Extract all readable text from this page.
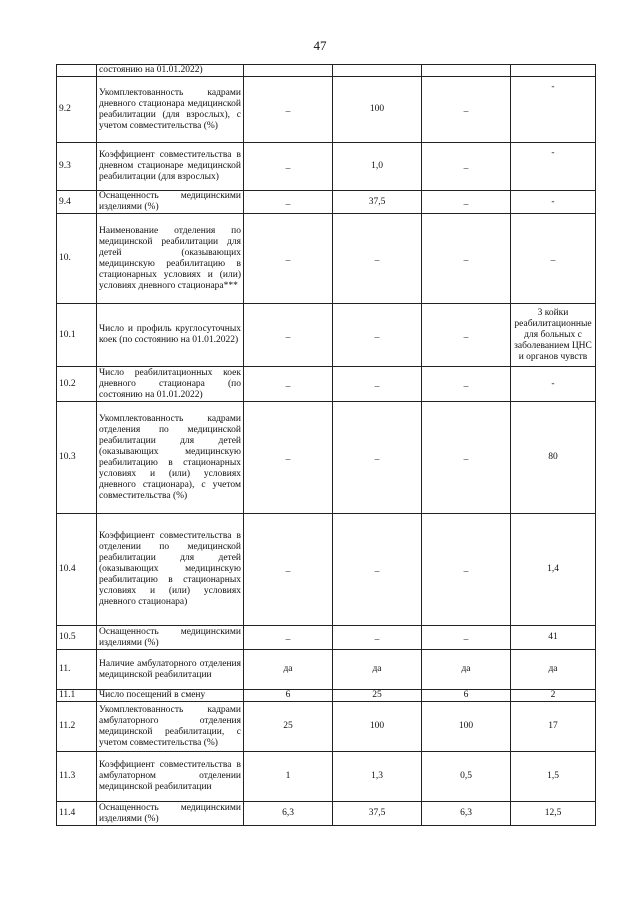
47
	состоянию на 01.01.2022)				
9.2	Укомплектованность кадрами дневного стационара медицинской реабилитации (для взрослых), с учетом совместительства (%)	_	100	_	-
9.3	Коэффициент совместительства в дневном стационаре медицинской реабилитации (для взрослых)	_	1,0	_	-
9.4	Оснащенность медицинскими изделиями (%)	_	37,5	_	-
10.	Наименование отделения по медицинской реабилитации для детей (оказывающих медицинскую реабилитацию в стационарных условиях и (или) условиях дневного стационара***	_	_	_	_
10.1	Число и профиль круглосуточных коек (по состоянию на 01.01.2022)	_	_	_	3 койки реабилитационные для больных с заболеванием ЦНС и органов чувств
10.2	Число реабилитационных коек дневного стационара (по состоянию на 01.01.2022)	_	_	_	-
10.3	Укомплектованность кадрами отделения по медицинской реабилитации для детей (оказывающих медицинскую реабилитацию в стационарных условиях и (или) условиях дневного стационара), с учетом совместительства (%)	_	_	_	80
10.4	Коэффициент совместительства в отделении по медицинской реабилитации для детей (оказывающих медицинскую реабилитацию в стационарных условиях и (или) условиях дневного стационара)	_	_	_	1,4
10.5	Оснащенность медицинскими изделиями (%)	_	_	_	41
11.	Наличие амбулаторного отделения медицинской реабилитации	да	да	да	да
11.1	Число посещений в смену	6	25	6	2
11.2	Укомплектованность кадрами амбулаторного отделения медицинской реабилитации, с учетом совместительства (%)	25	100	100	17
11.3	Коэффициент совместительства в амбулаторном отделении медицинской реабилитации	1	1,3	0,5	1,5
11.4	Оснащенность медицинскими изделиями (%)	6,3	37,5	6,3	12,5
